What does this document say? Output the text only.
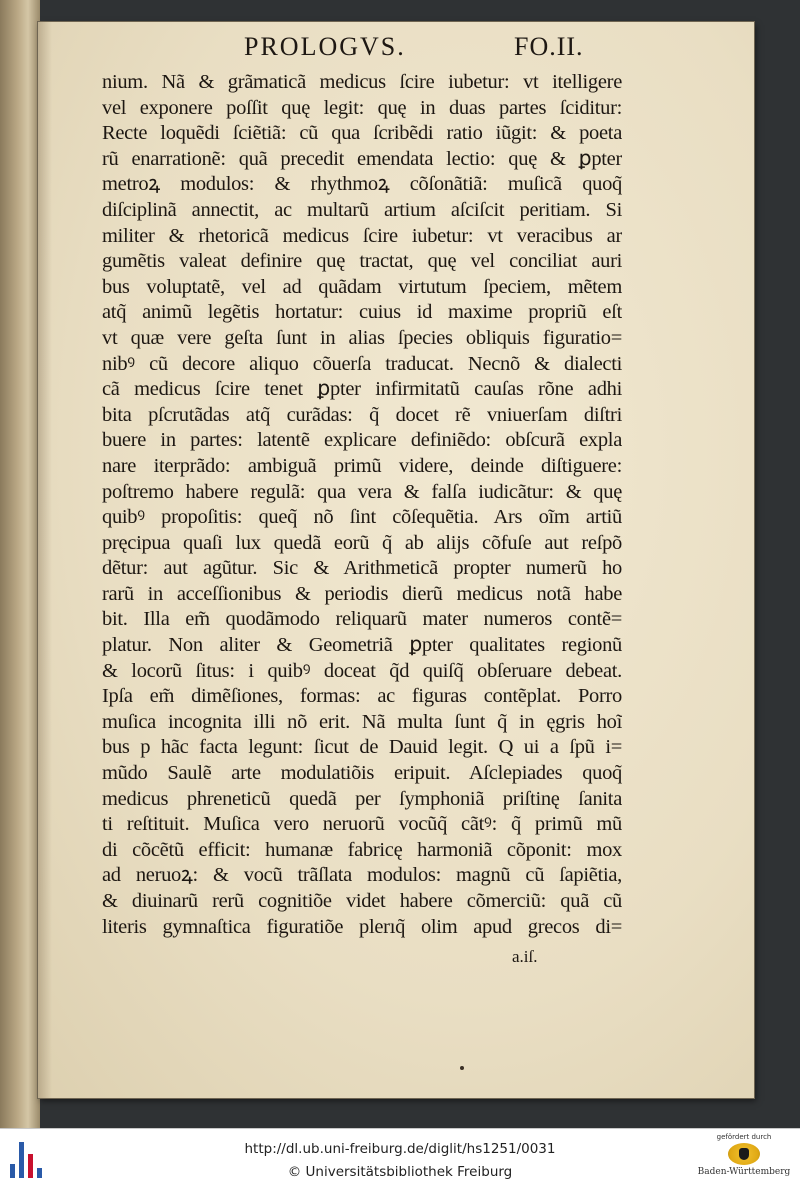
PROLOGVS.	FO.II.
nium. Nã & grãmaticã medicus ſcire iubetur: vt itelligere
vel exponere poſſit quę legit: quę in duas partes ſciditur:
Recte loquẽdi ſciẽtiã: cũ qua ſcribẽdi ratio iũgit: & poeta
rũ enarrationẽ: quã precedit emendata lectio: quę & ꝑpter
metroꝝ modulos: & rhythmoꝝ cõſonãtiã: muſicã quoq̃
diſciplinã annectit, ac multarũ artium aſciſcit peritiam. Si
militer & rhetoricã medicus ſcire iubetur: vt veracibus ar
gumẽtis valeat definire quę tractat, quę vel conciliat auri
bus voluptatẽ, vel ad quãdam virtutum ſpeciem, mẽtem
atq̃ animũ legẽtis hortatur: cuius id maxime propriũ eſt
vt quæ vere geſta ſunt in alias ſpecies obliquis figuratio=
nibꝰ cũ decore aliquo cõuerſa traducat. Necnõ & dialecti
cã medicus ſcire tenet ꝑpter infirmitatũ cauſas rõne adhi
bita pſcrutãdas atq̃ curãdas: q̃ docet rẽ vniuerſam diſtri
buere in partes: latentẽ explicare definiẽdo: obſcurã expla
nare iterprãdo: ambiguã primũ videre, deinde diſtiguere:
poſtremo habere regulã: qua vera & falſa iudicãtur: & quę
quibꝰ propoſitis: queq̃ nõ ſint cõſequẽtia. Ars oĩm artiũ
pręcipua quaſi lux quedã eorũ q̃ ab alijs cõfuſe aut reſpõ
dẽtur: aut agũtur. Sic & Arithmeticã propter numerũ ho
rarũ in acceſſionibus & periodis dierũ medicus notã habe
bit. Illa em̃ quodãmodo reliquarũ mater numeros contẽ=
platur. Non aliter & Geometriã ꝑpter qualitates regionũ
& locorũ ſitus: i quibꝰ doceat q̃d quiſq̃ obſeruare debeat.
Ipſa em̃ dimẽſiones, formas: ac figuras contẽplat. Porro
muſica incognita illi nõ erit. Nã multa ſunt q̃ in ęgris hoĩ
bus p hãc facta legunt: ſicut de Dauid legit. Q ui a ſpũ i=
mũdo Saulẽ arte modulatiõis eripuit. Aſclepiades quoq̃
medicus phreneticũ quedã per ſymphoniã priſtinę ſanita
ti reſtituit. Muſica vero neruorũ vocũq̃ cãtꝰ: q̃ primũ mũ
di cõcẽtũ efficit: humanæ fabricę harmoniã cõponit: mox
ad neruoꝝ: & vocũ trãſlata modulos: magnũ cũ ſapiẽtia,
& diuinarũ rerũ cognitiõe videt habere cõmerciũ: quã cũ
literis gymnaſtica figuratiõe plerıq̃ olim apud grecos di=
a.iſ.
http://dl.ub.uni-freiburg.de/diglit/hs1251/0031
© Universitätsbibliothek Freiburg
gefördert durch
Baden-Württemberg
